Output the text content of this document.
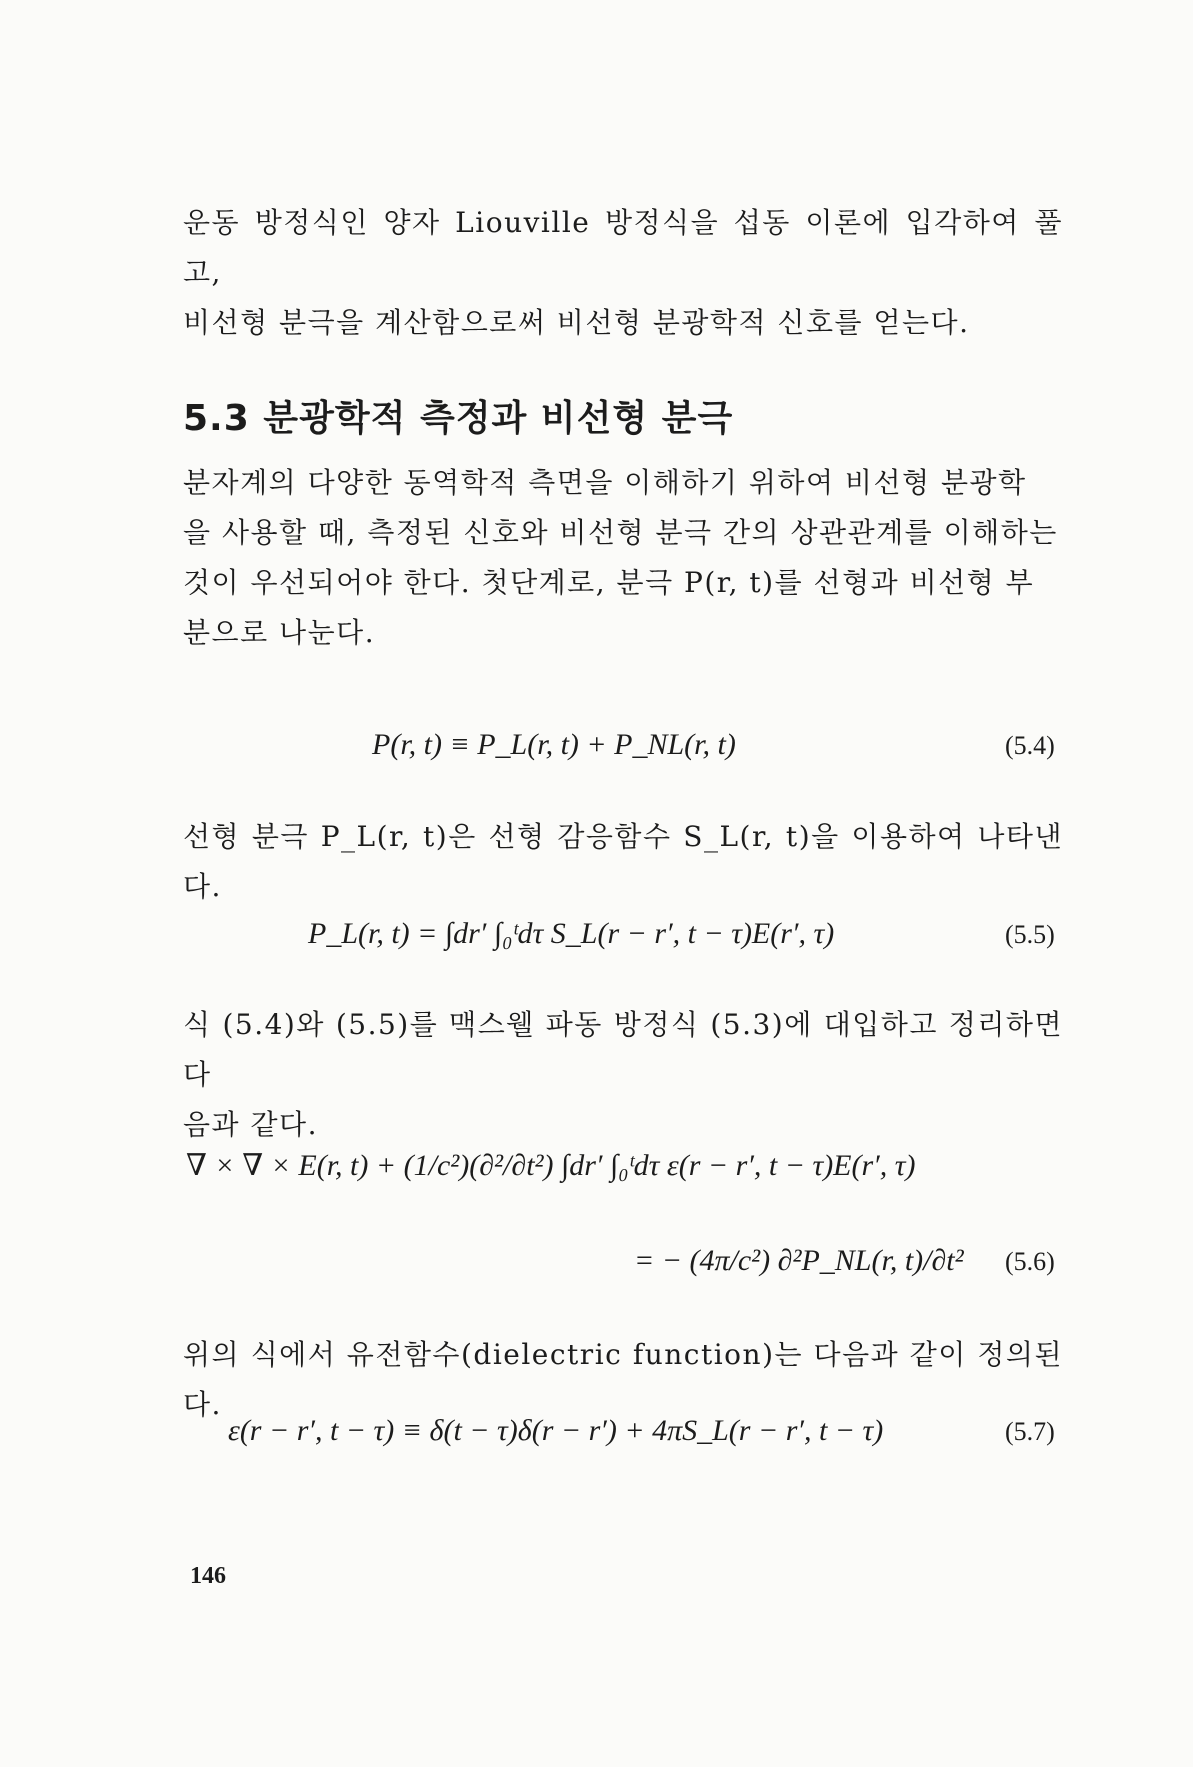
운동 방정식인 양자 Liouville 방정식을 섭동 이론에 입각하여 풀고,

비선형 분극을 계산함으로써 비선형 분광학적 신호를 얻는다.

5.3 분광학적 측정과 비선형 분극

분자계의 다양한 동역학적 측면을 이해하기 위하여 비선형 분광학

을 사용할 때, 측정된 신호와 비선형 분극 간의 상관관계를 이해하는

것이 우선되어야 한다. 첫단계로, 분극 P(r, t)를 선형과 비선형 부

분으로 나눈다.

P(r, t) ≡ P_L(r, t) + P_NL(r, t)	(5.4)

선형 분극 P_L(r, t)은 선형 감응함수 S_L(r, t)을 이용하여 나타낸다.

P_L(r, t) = ∫dr′ ∫₀ᵗdτ S_L(r − r′, t − τ)E(r′, τ)	(5.5)

식 (5.4)와 (5.5)를 맥스웰 파동 방정식 (5.3)에 대입하고 정리하면 다

음과 같다.

∇ × ∇ × E(r, t) + (1/c²)(∂²/∂t²) ∫dr′ ∫₀ᵗdτ ε(r − r′, t − τ)E(r′, τ)
= − (4π/c²) ∂²P_NL(r, t)/∂t² (5.6)

위의 식에서 유전함수(dielectric function)는 다음과 같이 정의된다.

ε(r − r′, t − τ) ≡ δ(t − τ)δ(r − r′) + 4πS_L(r − r′, t − τ)	(5.7)
146
